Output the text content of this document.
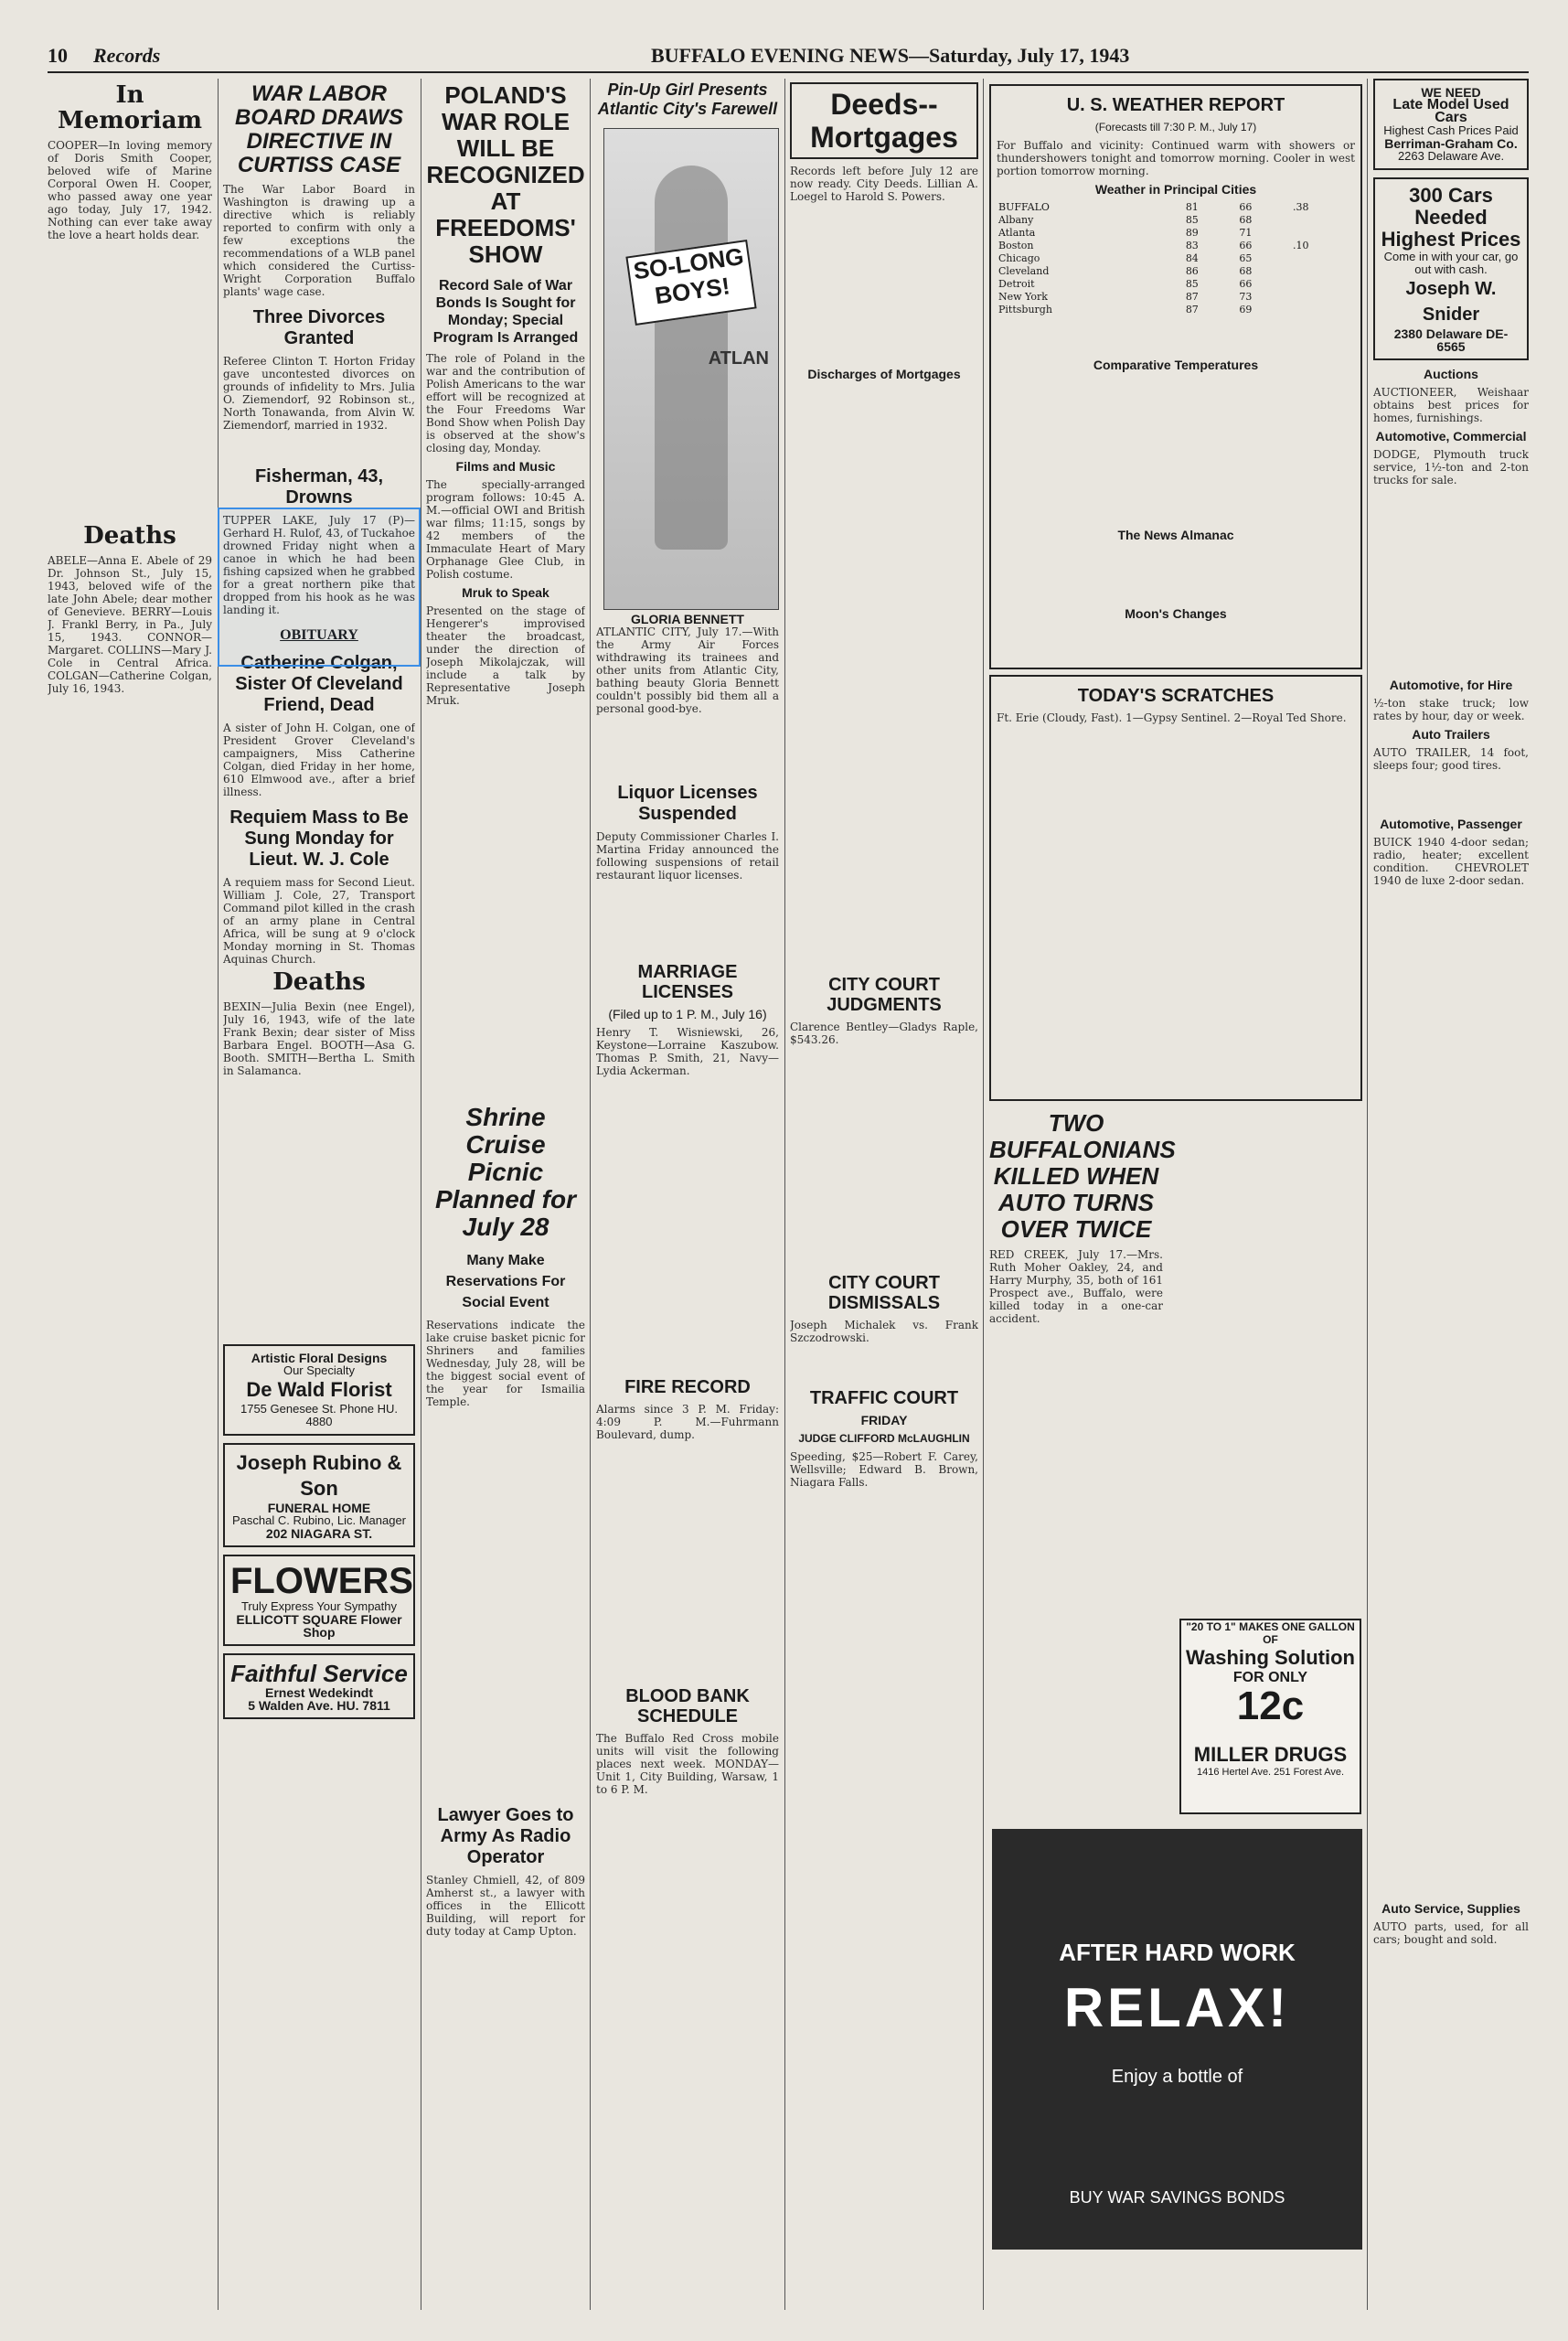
10 Records	BUFFALO EVENING NEWS—Saturday, July 17, 1943
In Memoriam

COOPER—In loving memory of Doris Smith Cooper, beloved wife of Marine Corporal Owen H. Cooper, who passed away one year ago today, July 17, 1942. Nothing can ever take away the love a heart holds dear.

Deaths

ABELE—Anna E. Abele of 29 Dr. Johnson St., July 15, 1943, beloved wife of the late John Abele; dear mother of Genevieve. BERRY—Louis J. Frankl Berry, in Pa., July 15, 1943. CONNOR—Margaret. COLLINS—Mary J. Cole in Central Africa. COLGAN—Catherine Colgan, July 16, 1943.

WAR LABOR BOARD DRAWS DIRECTIVE IN CURTISS CASE

The War Labor Board in Washington is drawing up a directive which is reliably reported to confirm with only a few exceptions the recommendations of a WLB panel which considered the Curtiss-Wright Corporation Buffalo plants' wage case.

Three Divorces Granted

Referee Clinton T. Horton Friday gave uncontested divorces on grounds of infidelity to Mrs. Julia O. Ziemendorf, 92 Robinson st., North Tonawanda, from Alvin W. Ziemendorf, married in 1932.

Fisherman, 43, Drowns

TUPPER LAKE, July 17 (P)—Gerhard H. Rulof, 43, of Tuckahoe drowned Friday night when a canoe in which he had been fishing capsized when he grabbed for a great northern pike that dropped from his hook as he was landing it.

OBITUARY
Catherine Colgan, Sister Of Cleveland Friend, Dead

A sister of John H. Colgan, one of President Grover Cleveland's campaigners, Miss Catherine Colgan, died Friday in her home, 610 Elmwood ave., after a brief illness.

Requiem Mass to Be Sung Monday for Lieut. W. J. Cole

A requiem mass for Second Lieut. William J. Cole, 27, Transport Command pilot killed in the crash of an army plane in Central Africa, will be sung at 9 o'clock Monday morning in St. Thomas Aquinas Church.

Deaths

BEXIN—Julia Bexin (nee Engel), July 16, 1943, wife of the late Frank Bexin; dear sister of Miss Barbara Engel. BOOTH—Asa G. Booth. SMITH—Bertha L. Smith in Salamanca.

Artistic Floral Designs
Our Specialty
De Wald Florist
1755 Genesee St. Phone HU. 4880
Joseph Rubino & Son
FUNERAL HOME
Paschal C. Rubino, Lic. Manager
202 NIAGARA ST.
FLOWERS
Truly Express Your Sympathy
ELLICOTT SQUARE Flower Shop
Faithful Service
Ernest Wedekindt
5 Walden Ave. HU. 7811
POLAND'S WAR ROLE WILL BE RECOGNIZED AT FREEDOMS' SHOW
Record Sale of War Bonds Is Sought for Monday; Special Program Is Arranged

The role of Poland in the war and the contribution of Polish Americans to the war effort will be recognized at the Four Freedoms War Bond Show when Polish Day is observed at the show's closing day, Monday.

Films and Music

The specially-arranged program follows: 10:45 A. M.—official OWI and British war films; 11:15, songs by 42 members of the Immaculate Heart of Mary Orphanage Glee Club, in Polish costume.

Mruk to Speak

Presented on the stage of Hengerer's improvised theater the broadcast, under the direction of Joseph Mikolajczak, will include a talk by Representative Joseph Mruk.

Shrine Cruise Picnic Planned for July 28
Many Make Reservations For Social Event

Reservations indicate the lake cruise basket picnic for Shriners and families Wednesday, July 28, will be the biggest social event of the year for Ismailia Temple.

Lawyer Goes to Army As Radio Operator

Stanley Chmiell, 42, of 809 Amherst st., a lawyer with offices in the Ellicott Building, will report for duty today at Camp Upton.

Pin-Up Girl Presents Atlantic City's Farewell
SO-LONG BOYS!
ATLAN
GLORIA BENNETT

ATLANTIC CITY, July 17.—With the Army Air Forces withdrawing its trainees and other units from Atlantic City, bathing beauty Gloria Bennett couldn't possibly bid them all a personal good-bye.

Liquor Licenses Suspended

Deputy Commissioner Charles I. Martina Friday announced the following suspensions of retail restaurant liquor licenses.

MARRIAGE LICENSES
(Filed up to 1 P. M., July 16)

Henry T. Wisniewski, 26, Keystone—Lorraine Kaszubow. Thomas P. Smith, 21, Navy—Lydia Ackerman.

FIRE RECORD

Alarms since 3 P. M. Friday: 4:09 P. M.—Fuhrmann Boulevard, dump.

BLOOD BANK SCHEDULE

The Buffalo Red Cross mobile units will visit the following places next week. MONDAY—Unit 1, City Building, Warsaw, 1 to 6 P. M.

Deeds--Mortgages

Records left before July 12 are now ready. City Deeds. Lillian A. Loegel to Harold S. Powers.

Discharges of Mortgages
CITY COURT JUDGMENTS

Clarence Bentley—Gladys Raple, $543.26.

CITY COURT DISMISSALS

Joseph Michalek vs. Frank Szczodrowski.

TRAFFIC COURT
FRIDAY
JUDGE CLIFFORD McLAUGHLIN

Speeding, $25—Robert F. Carey, Wellsville; Edward B. Brown, Niagara Falls.

U. S. WEATHER REPORT
(Forecasts till 7:30 P. M., July 17)

For Buffalo and vicinity: Continued warm with showers or thundershowers tonight and tomorrow morning. Cooler in west portion tomorrow morning.

Weather in Principal Cities
BUFFALO	81	66	.38
Albany	85	68	
Atlanta	89	71	
Boston	83	66	.10
Chicago	84	65	
Cleveland	86	68	
Detroit	85	66	
New York	87	73	
Pittsburgh	87	69	
Comparative Temperatures
The News Almanac
Moon's Changes
TODAY'S SCRATCHES

Ft. Erie (Cloudy, Fast). 1—Gypsy Sentinel. 2—Royal Ted Shore.

TWO BUFFALONIANS KILLED WHEN AUTO TURNS OVER TWICE

RED CREEK, July 17.—Mrs. Ruth Moher Oakley, 24, and Harry Murphy, 35, both of 161 Prospect ave., Buffalo, were killed today in a one-car accident.

"20 TO 1" MAKES ONE GALLON OF
Washing Solution
FOR ONLY
12c
MILLER DRUGS
1416 Hertel Ave. 251 Forest Ave.
AFTER HARD WORK
RELAX!
Enjoy a bottle of
BUY WAR SAVINGS BONDS
WE NEED
Late Model Used Cars
Highest Cash Prices Paid
Berriman-Graham Co.
2263 Delaware Ave.
300 Cars Needed
Highest Prices
Come in with your car, go out with cash.
Joseph W. Snider
2380 Delaware DE-6565
Auctions

AUCTIONEER, Weishaar obtains best prices for homes, furnishings.

Automotive, Commercial

DODGE, Plymouth truck service, 1½-ton and 2-ton trucks for sale.

Automotive, for Hire

½-ton stake truck; low rates by hour, day or week.

Auto Trailers

AUTO TRAILER, 14 foot, sleeps four; good tires.

Automotive, Passenger

BUICK 1940 4-door sedan; radio, heater; excellent condition. CHEVROLET 1940 de luxe 2-door sedan.

Auto Service, Supplies

AUTO parts, used, for all cars; bought and sold.
